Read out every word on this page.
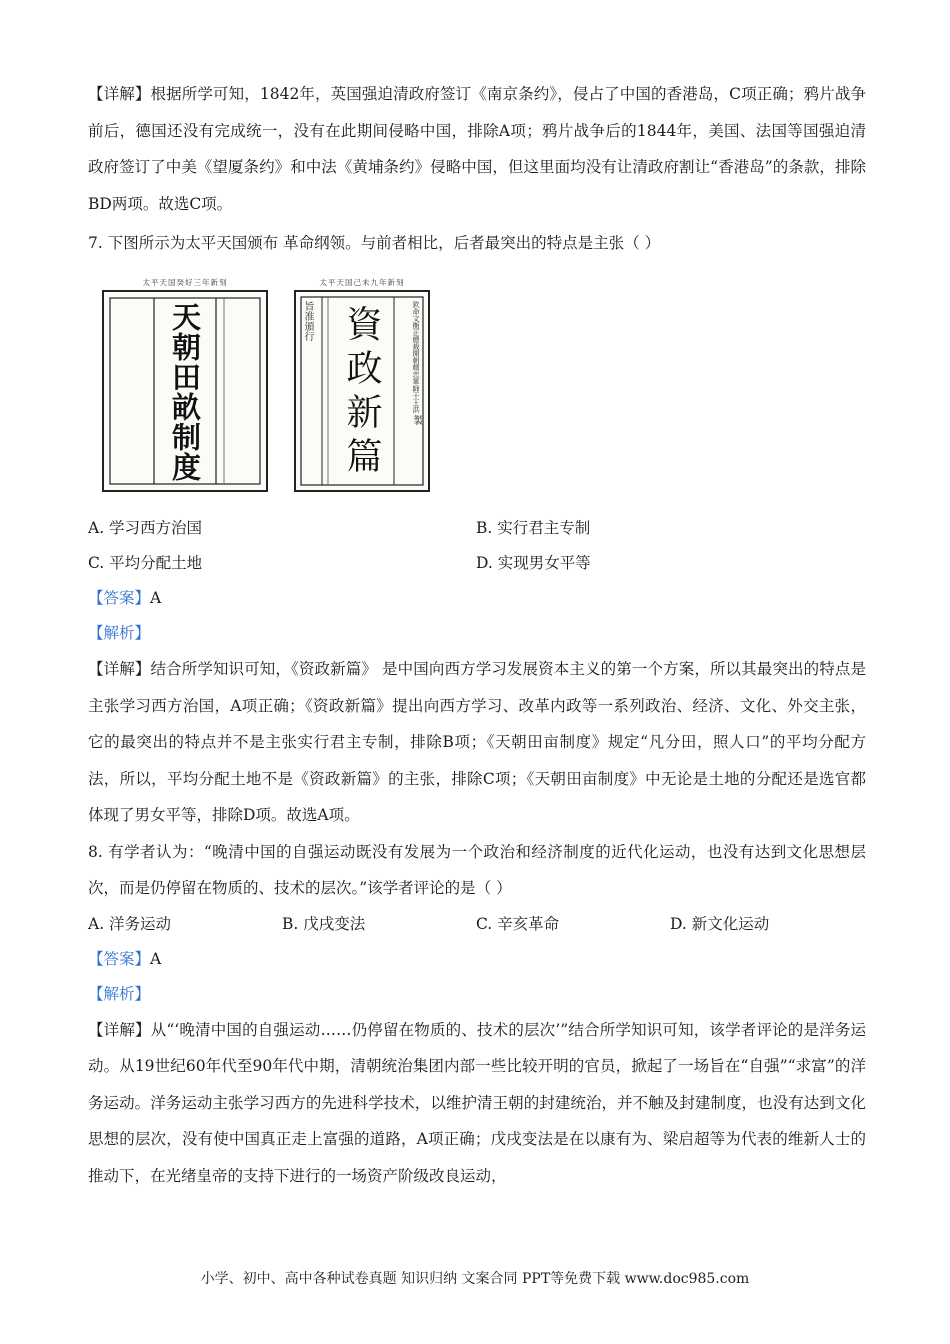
【详解】根据所学可知，1842年，英国强迫清政府签订《南京条约》，侵占了中国的香港岛，C项正确；鸦片战争前后，德国还没有完成统一，没有在此期间侵略中国，排除A项；鸦片战争后的1844年，美国、法国等国强迫清政府签订了中美《望厦条约》和中法《黄埔条约》侵略中国，但这里面均没有让清政府割让“香港岛”的条款，排除BD两项。故选C项。

7. 下图所示为太平天国颁布 革命纲领。与前者相比，后者最突出的特点是主张（ ）

太平天国癸好三年新刻
天朝田畝制度
太平天国己未九年新刻
旨准頒行 資政新篇	欽命文衡正總裁開朝精忠軍師干王洪 製
A. 学习西方治国	B. 实行君主专制
C. 平均分配土地	D. 实现男女平等

【答案】A

【解析】

【详解】结合所学知识可知，《资政新篇》 是中国向西方学习发展资本主义的第一个方案，所以其最突出的特点是主张学习西方治国，A项正确；《资政新篇》提出向西方学习、改革内政等一系列政治、经济、文化、外交主张，它的最突出的特点并不是主张实行君主专制，排除B项；《天朝田亩制度》规定“凡分田，照人口”的平均分配方法，所以，平均分配土地不是《资政新篇》的主张，排除C项；《天朝田亩制度》中无论是土地的分配还是选官都体现了男女平等，排除D项。故选A项。

8. 有学者认为：“晚清中国的自强运动既没有发展为一个政治和经济制度的近代化运动，也没有达到文化思想层次，而是仍停留在物质的、技术的层次。”该学者评论的是（ ）

A. 洋务运动	B. 戊戌变法	C. 辛亥革命	D. 新文化运动

【答案】A

【解析】

【详解】从“‘晚清中国的自强运动……仍停留在物质的、技术的层次’”结合所学知识可知，该学者评论的是洋务运动。从19世纪60年代至90年代中期，清朝统治集团内部一些比较开明的官员，掀起了一场旨在“自强”“求富”的洋务运动。洋务运动主张学习西方的先进科学技术，以维护清王朝的封建统治，并不触及封建制度，也没有达到文化思想的层次，没有使中国真正走上富强的道路，A项正确；戊戌变法是在以康有为、梁启超等为代表的维新人士的推动下，在光绪皇帝的支持下进行的一场资产阶级改良运动，

小学、初中、高中各种试卷真题 知识归纳 文案合同 PPT等免费下载 www.doc985.com
